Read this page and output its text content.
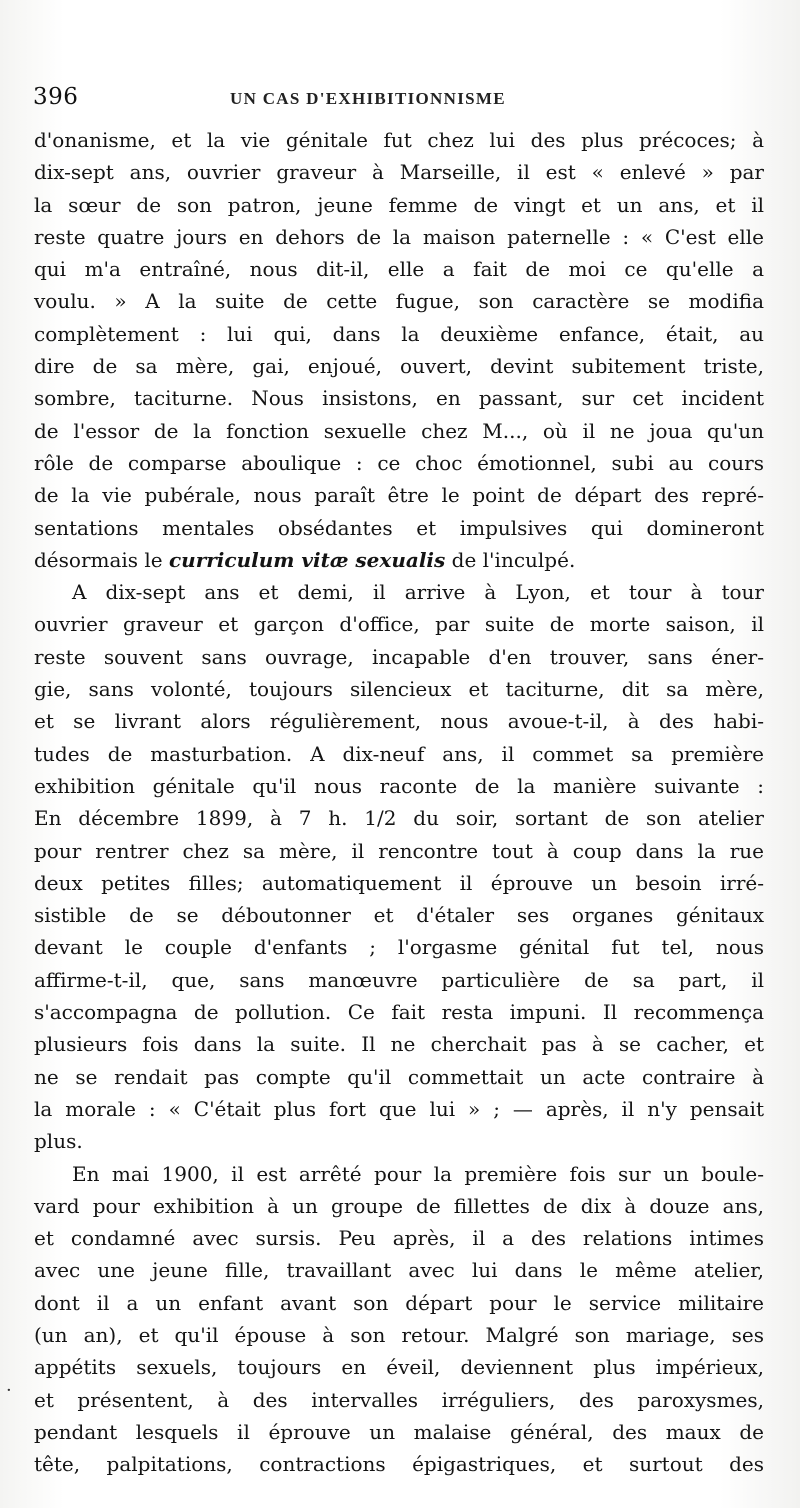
396	UN CAS D'EXHIBITIONNISME
d'onanisme, et la vie génitale fut chez lui des plus précoces; à
dix-sept ans, ouvrier graveur à Marseille, il est « enlevé » par
la sœur de son patron, jeune femme de vingt et un ans, et il
reste quatre jours en dehors de la maison paternelle : « C'est elle
qui m'a entraîné, nous dit-il, elle a fait de moi ce qu'elle a
voulu. » A la suite de cette fugue, son caractère se modifia
complètement : lui qui, dans la deuxième enfance, était, au
dire de sa mère, gai, enjoué, ouvert, devint subitement triste,
sombre, taciturne. Nous insistons, en passant, sur cet incident
de l'essor de la fonction sexuelle chez M..., où il ne joua qu'un
rôle de comparse aboulique : ce choc émotionnel, subi au cours
de la vie pubérale, nous paraît être le point de départ des repré-
sentations mentales obsédantes et impulsives qui domineront
désormais le curriculum vitæ sexualis de l'inculpé.
A dix-sept ans et demi, il arrive à Lyon, et tour à tour
ouvrier graveur et garçon d'office, par suite de morte saison, il
reste souvent sans ouvrage, incapable d'en trouver, sans éner-
gie, sans volonté, toujours silencieux et taciturne, dit sa mère,
et se livrant alors régulièrement, nous avoue-t-il, à des habi-
tudes de masturbation. A dix-neuf ans, il commet sa première
exhibition génitale qu'il nous raconte de la manière suivante :
En décembre 1899, à 7 h. 1/2 du soir, sortant de son atelier
pour rentrer chez sa mère, il rencontre tout à coup dans la rue
deux petites filles; automatiquement il éprouve un besoin irré-
sistible de se déboutonner et d'étaler ses organes génitaux
devant le couple d'enfants ; l'orgasme génital fut tel, nous
affirme-t-il, que, sans manœuvre particulière de sa part, il
s'accompagna de pollution. Ce fait resta impuni. Il recommença
plusieurs fois dans la suite. Il ne cherchait pas à se cacher, et
ne se rendait pas compte qu'il commettait un acte contraire à
la morale : « C'était plus fort que lui » ; — après, il n'y pensait
plus.
En mai 1900, il est arrêté pour la première fois sur un boule-
vard pour exhibition à un groupe de fillettes de dix à douze ans,
et condamné avec sursis. Peu après, il a des relations intimes
avec une jeune fille, travaillant avec lui dans le même atelier,
dont il a un enfant avant son départ pour le service militaire
(un an), et qu'il épouse à son retour. Malgré son mariage, ses
appétits sexuels, toujours en éveil, deviennent plus impérieux,
et présentent, à des intervalles irréguliers, des paroxysmes,
pendant lesquels il éprouve un malaise général, des maux de
tête, palpitations, contractions épigastriques, et surtout des
·
